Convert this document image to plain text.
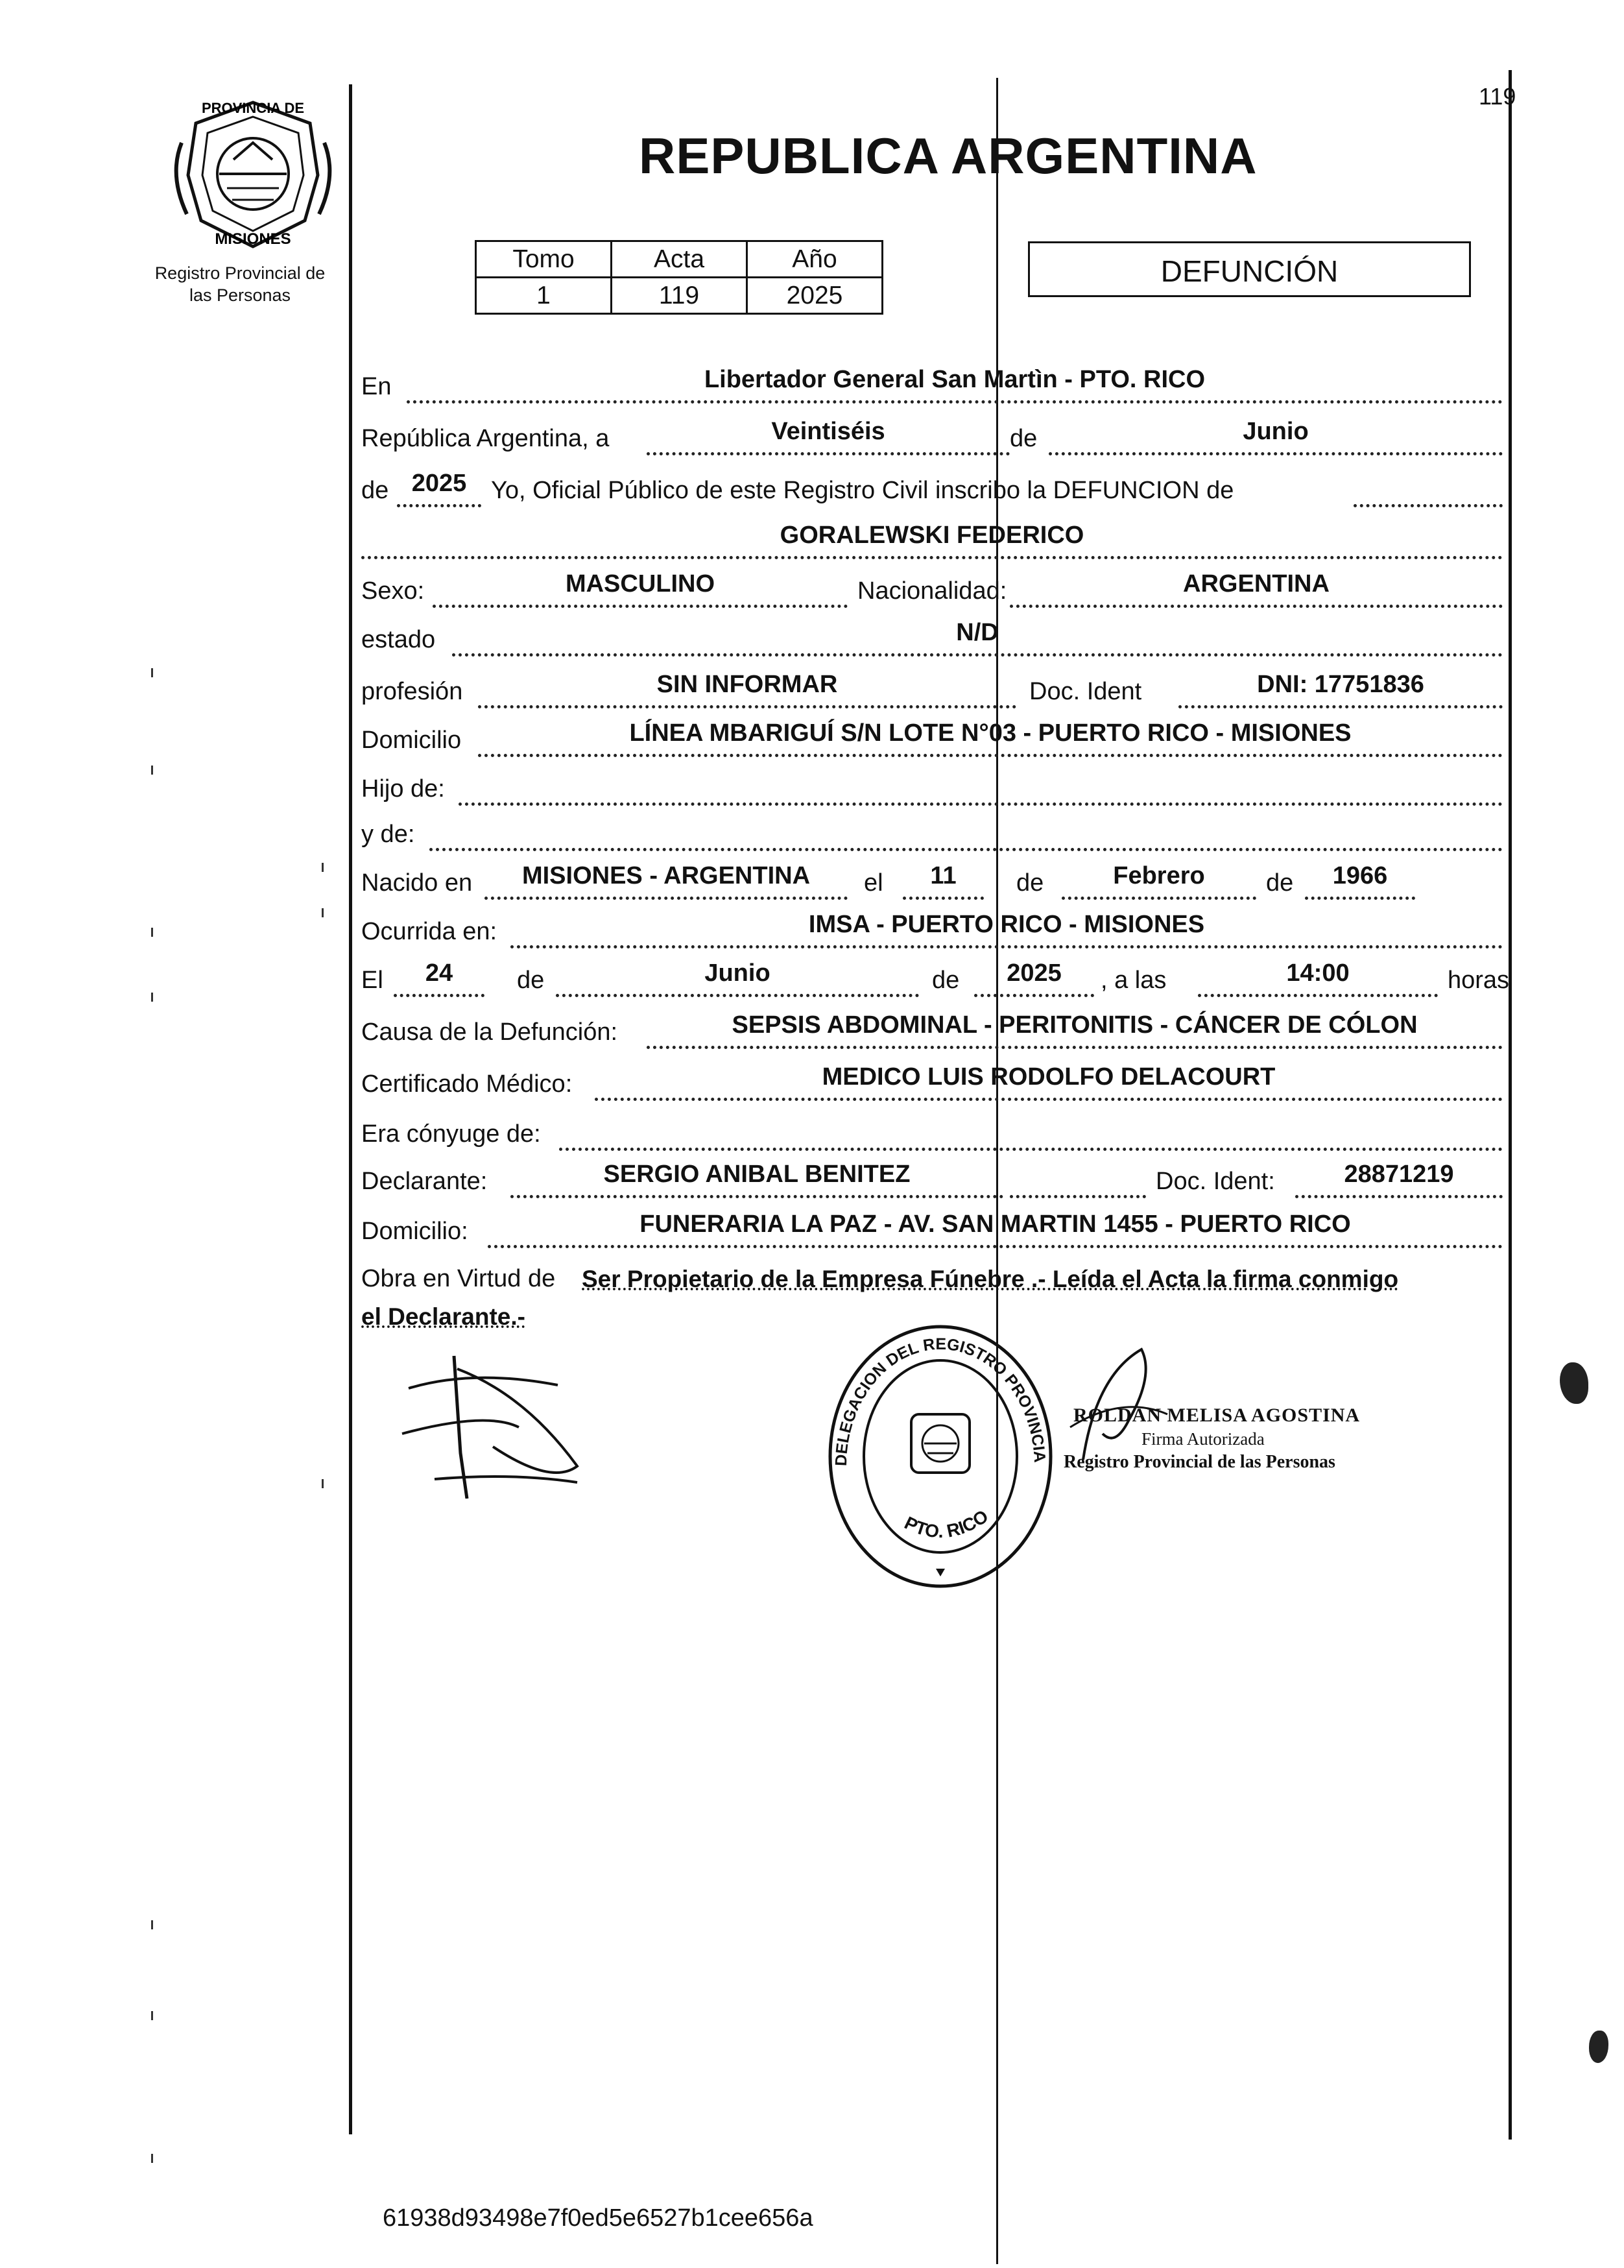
PROVINCIA DE
MISIONES
Registro Provincial de
las Personas
119
REPUBLICA ARGENTINA
Tomo	Acta	Año
1	119	2025
DEFUNCIÓN
En	Libertador General San Martìn - PTO. RICO
República Argentina, a	Veintiséis	de	Junio
de 2025 Yo, Oficial Público de este Registro Civil inscribo la DEFUNCION de
GORALEWSKI FEDERICO
Sexo:	MASCULINO	Nacionalidad:	ARGENTINA
estado	N/D
profesión	SIN INFORMAR	Doc. Ident	DNI: 17751836
Domicilio	LÍNEA MBARIGUÍ S/N LOTE N°03 - PUERTO RICO - MISIONES
Hijo de:
y de:
Nacido en	MISIONES - ARGENTINA	el	11	de	Febrero	de	1966
Ocurrida en:	IMSA - PUERTO RICO - MISIONES
El	24	de	Junio	de	2025	, a las	14:00	horas
Causa de la Defunción:	SEPSIS ABDOMINAL - PERITONITIS - CÁNCER DE CÓLON
Certificado Médico:	MEDICO LUIS RODOLFO DELACOURT
Era cónyuge de:
Declarante:	SERGIO ANIBAL BENITEZ	Doc. Ident:	28871219
Domicilio:	FUNERARIA LA PAZ - AV. SAN MARTIN 1455 - PUERTO RICO
Obra en Virtud de Ser Propietario de la Empresa Fúnebre .- Leída el Acta la firma conmigo
el Declarante.-
DELEGACION DEL REGISTRO PROVINCIA
PTO. RICO
ROLDAN MELISA AGOSTINA
Firma Autorizada
Registro Provincial de las Personas
61938d93498e7f0ed5e6527b1cee656a
